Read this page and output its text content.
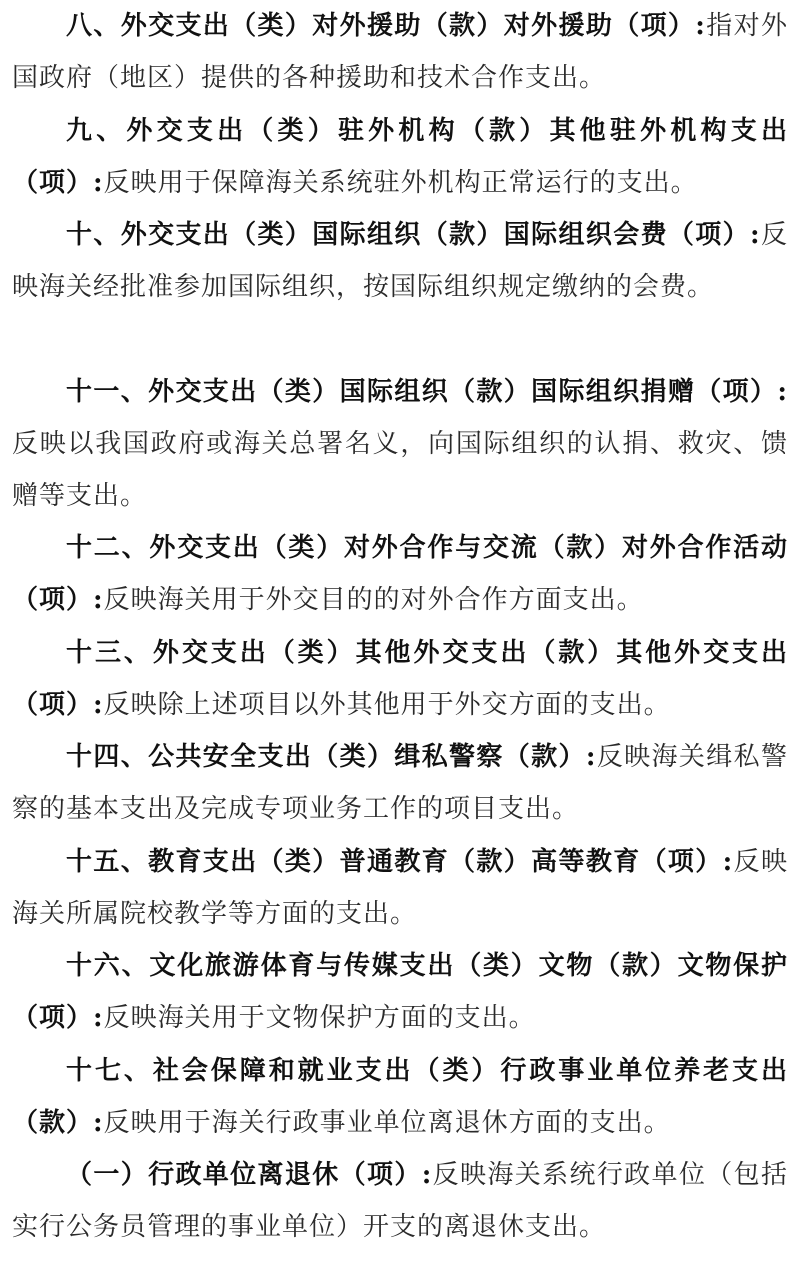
八、外交支出（类）对外援助（款）对外援助（项）:指对外国政府（地区）提供的各种援助和技术合作支出。

九、外交支出（类）驻外机构（款）其他驻外机构支出（项）:反映用于保障海关系统驻外机构正常运行的支出。

十、外交支出（类）国际组织（款）国际组织会费（项）:反映海关经批准参加国际组织，按国际组织规定缴纳的会费。

十一、外交支出（类）国际组织（款）国际组织捐赠（项）:反映以我国政府或海关总署名义，向国际组织的认捐、救灾、馈赠等支出。

十二、外交支出（类）对外合作与交流（款）对外合作活动（项）:反映海关用于外交目的的对外合作方面支出。

十三、外交支出（类）其他外交支出（款）其他外交支出（项）:反映除上述项目以外其他用于外交方面的支出。

十四、公共安全支出（类）缉私警察（款）:反映海关缉私警察的基本支出及完成专项业务工作的项目支出。

十五、教育支出（类）普通教育（款）高等教育（项）:反映海关所属院校教学等方面的支出。

十六、文化旅游体育与传媒支出（类）文物（款）文物保护（项）:反映海关用于文物保护方面的支出。

十七、社会保障和就业支出（类）行政事业单位养老支出（款）:反映用于海关行政事业单位离退休方面的支出。

（一）行政单位离退休（项）:反映海关系统行政单位（包括实行公务员管理的事业单位）开支的离退休支出。
